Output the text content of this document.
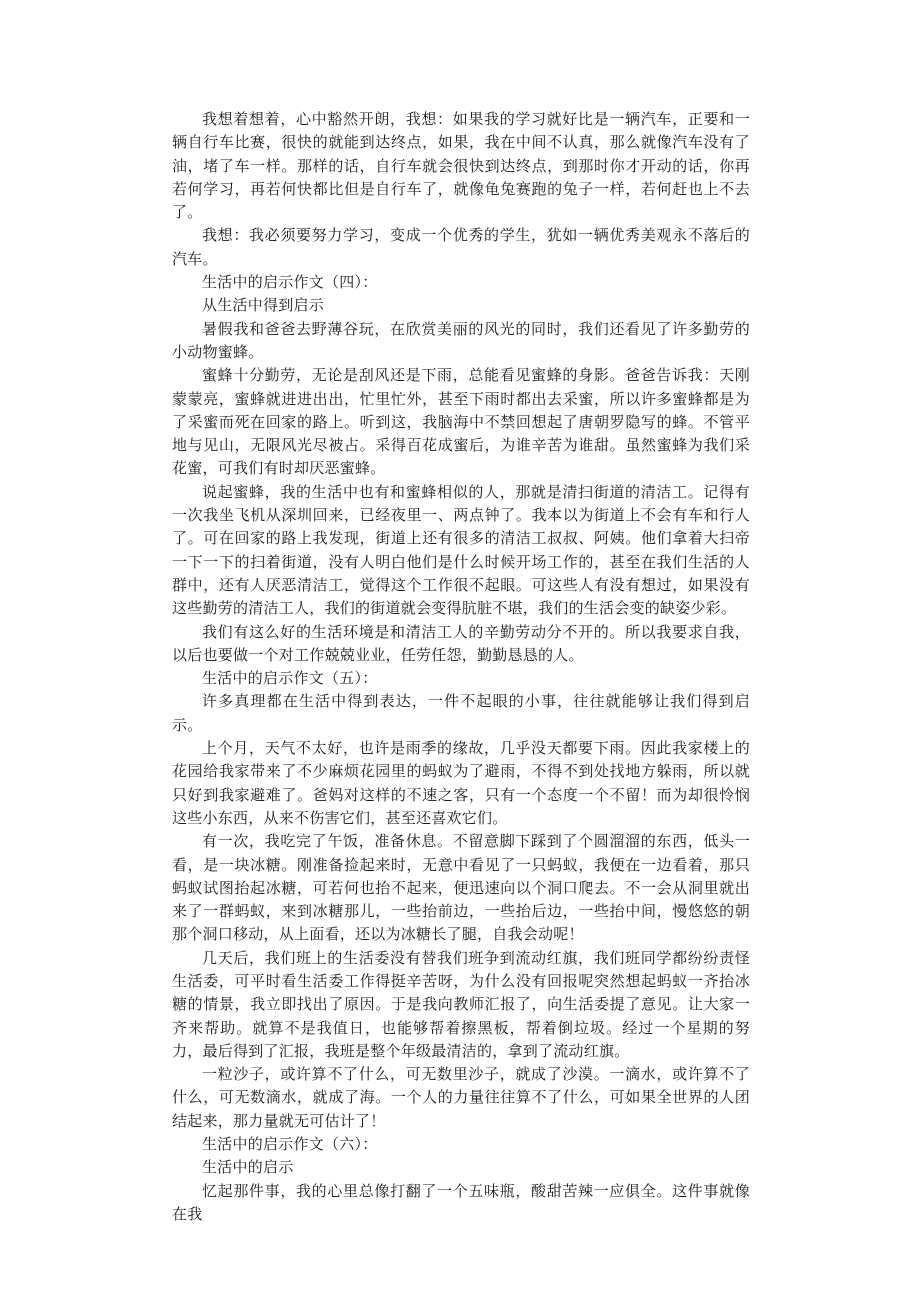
我想着想着，心中豁然开朗，我想：如果我的学习就好比是一辆汽车，正要和一辆自行车比赛，很快的就能到达终点，如果，我在中间不认真，那么就像汽车没有了油，堵了车一样。那样的话，自行车就会很快到达终点，到那时你才开动的话，你再若何学习，再若何快都比但是自行车了，就像龟兔赛跑的兔子一样，若何赶也上不去了。

我想：我必须要努力学习，变成一个优秀的学生，犹如一辆优秀美观永不落后的汽车。

生活中的启示作文（四）：

从生活中得到启示

暑假我和爸爸去野薄谷玩，在欣赏美丽的风光的同时，我们还看见了许多勤劳的小动物蜜蜂。

蜜蜂十分勤劳，无论是刮风还是下雨，总能看见蜜蜂的身影。爸爸告诉我：天刚蒙蒙亮，蜜蜂就进进出出，忙里忙外，甚至下雨时都出去采蜜，所以许多蜜蜂都是为了采蜜而死在回家的路上。听到这，我脑海中不禁回想起了唐朝罗隐写的蜂。不管平地与见山，无限风光尽被占。采得百花成蜜后，为谁辛苦为谁甜。虽然蜜蜂为我们采花蜜，可我们有时却厌恶蜜蜂。

说起蜜蜂，我的生活中也有和蜜蜂相似的人，那就是清扫街道的清洁工。记得有一次我坐飞机从深圳回来，已经夜里一、两点钟了。我本以为街道上不会有车和行人了。可在回家的路上我发现，街道上还有很多的清洁工叔叔、阿姨。他们拿着大扫帝一下一下的扫着街道，没有人明白他们是什么时候开场工作的，甚至在我们生活的人群中，还有人厌恶清洁工，觉得这个工作很不起眼。可这些人有没有想过，如果没有这些勤劳的清洁工人，我们的街道就会变得肮脏不堪，我们的生活会变的缺姿少彩。

我们有这么好的生活环境是和清洁工人的辛勤劳动分不开的。所以我要求自我，以后也要做一个对工作兢兢业业，任劳任怨，勤勤恳恳的人。

生活中的启示作文（五）：

许多真理都在生活中得到表达，一件不起眼的小事，往往就能够让我们得到启示。

上个月，天气不太好，也许是雨季的缘故，几乎没天都要下雨。因此我家楼上的花园给我家带来了不少麻烦花园里的蚂蚁为了避雨，不得不到处找地方躲雨，所以就只好到我家避难了。爸妈对这样的不速之客，只有一个态度一个不留！而为却很怜悯这些小东西，从来不伤害它们，甚至还喜欢它们。

有一次，我吃完了午饭，准备休息。不留意脚下踩到了个圆溜溜的东西，低头一看，是一块冰糖。刚准备捡起来时，无意中看见了一只蚂蚁，我便在一边看着，那只蚂蚁试图抬起冰糖，可若何也抬不起来，便迅速向以个洞口爬去。不一会从洞里就出来了一群蚂蚁，来到冰糖那儿，一些抬前边，一些抬后边，一些抬中间，慢悠悠的朝那个洞口移动，从上面看，还以为冰糖长了腿，自我会动呢！

几天后，我们班上的生活委没有替我们班争到流动红旗，我们班同学都纷纷责怪生活委，可平时看生活委工作得挺辛苦呀，为什么没有回报呢突然想起蚂蚁一齐抬冰糖的情景，我立即找出了原因。于是我向教师汇报了，向生活委提了意见。让大家一齐来帮助。就算不是我值日，也能够帮着擦黑板，帮着倒垃圾。经过一个星期的努力，最后得到了汇报，我班是整个年级最清洁的，拿到了流动红旗。

一粒沙子，或许算不了什么，可无数里沙子，就成了沙漠。一滴水，或许算不了什么，可无数滴水，就成了海。一个人的力量往往算不了什么，可如果全世界的人团结起来，那力量就无可估计了！

生活中的启示作文（六）：

生活中的启示

忆起那件事，我的心里总像打翻了一个五味瓶，酸甜苦辣一应俱全。这件事就像在我
